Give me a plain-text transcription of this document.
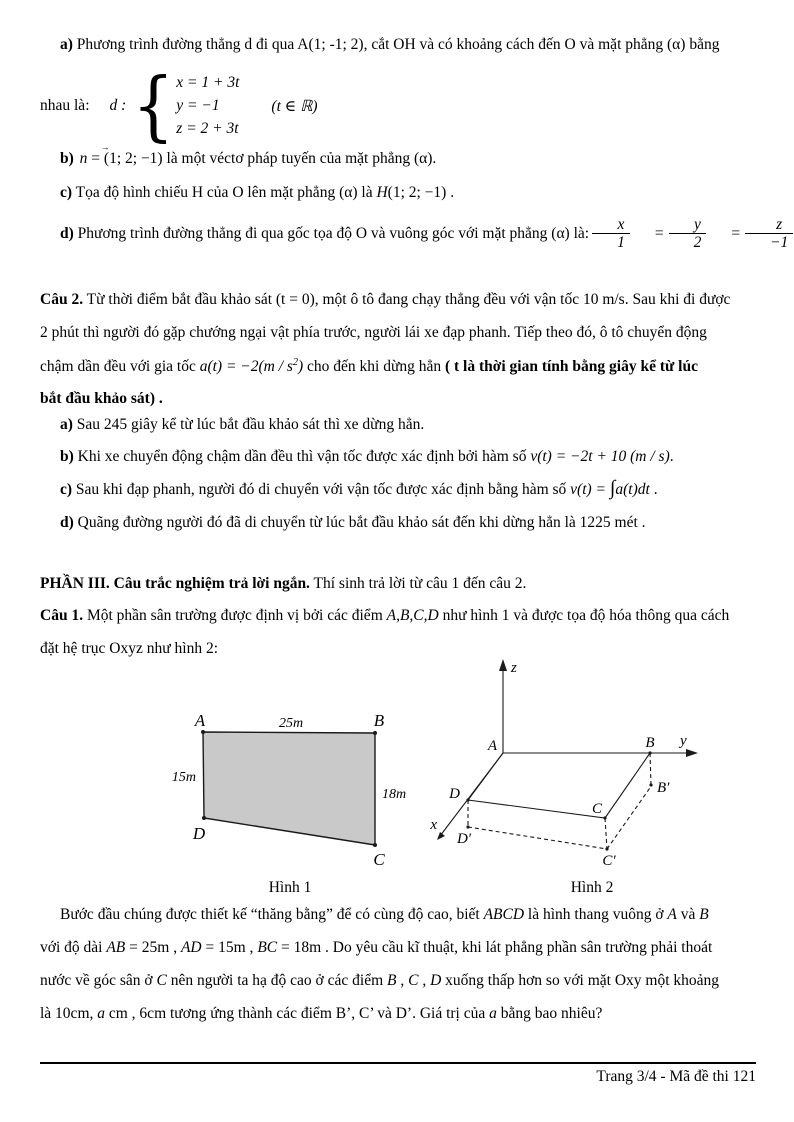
a) Phương trình đường thẳng d đi qua A(1; -1; 2), cắt OH và có khoảng cách đến O và mặt phẳng (α) bằng
nhau là: d : { x = 1 + 3t
y = −1
z = 2 + 3t
(t ∈ ℝ)
b) n
→
= (1; 2; −1) là một véctơ pháp tuyến của mặt phẳng (α).
c) Tọa độ hình chiếu H của O lên mặt phẳng (α) là H(1; 2; −1) .
d) Phương trình đường thẳng đi qua gốc tọa độ O và vuông góc với mặt phẳng (α) là: $\frac{x}{1}$	= $\frac{y}{2}$	= $\frac{z}{-1}$
Câu 2. Từ thời điểm bắt đầu khảo sát (t = 0), một ô tô đang chạy thẳng đều với vận tốc 10 m/s. Sau khi đi được
2 phút thì người đó gặp chướng ngại vật phía trước, người lái xe đạp phanh. Tiếp theo đó, ô tô chuyển động
chậm dần đều với gia tốc $a(t) = -2(m / s^2)$ cho đến khi dừng hẳn ( t là thời gian tính bằng giây kể từ lúc
bắt đầu khảo sát) .
a) Sau 245 giây kể từ lúc bắt đầu khảo sát thì xe dừng hẳn.
b) Khi xe chuyển động chậm dần đều thì vận tốc được xác định bởi hàm số v(t) = −2t + 10 (m / s).
c) Sau khi đạp phanh, người đó di chuyển với vận tốc được xác định bằng hàm số v(t) = ∫a(t)dt .
d) Quãng đường người đó đã di chuyển từ lúc bắt đầu khảo sát đến khi dừng hẳn là 1225 mét .
PHẦN III. Câu trắc nghiệm trả lời ngắn. Thí sinh trả lời từ câu 1 đến câu 2.
Câu 1. Một phần sân trường được định vị bởi các điểm A,B,C,D như hình 1 và được tọa độ hóa thông qua cách
đặt hệ trục Oxyz như hình 2:
A	B
25m
15m
18m
D
C
z
y
x
A	B
C
D	B′
C′
D′
Hình 1	Hình 2
Bước đầu chúng được thiết kế “thăng bằng” để có cùng độ cao, biết ABCD là hình thang vuông ở A và B
với độ dài AB = 25m , AD = 15m , BC = 18m . Do yêu cầu kĩ thuật, khi lát phẳng phần sân trường phải thoát
nước về góc sân ở C nên người ta hạ độ cao ở các điểm B , C , D xuống thấp hơn so với mặt Oxy một khoảng
là 10cm, a cm , 6cm tương ứng thành các điểm B’, C’ và D’. Giá trị của a bằng bao nhiêu?
Trang 3/4 - Mã đề thi 121
